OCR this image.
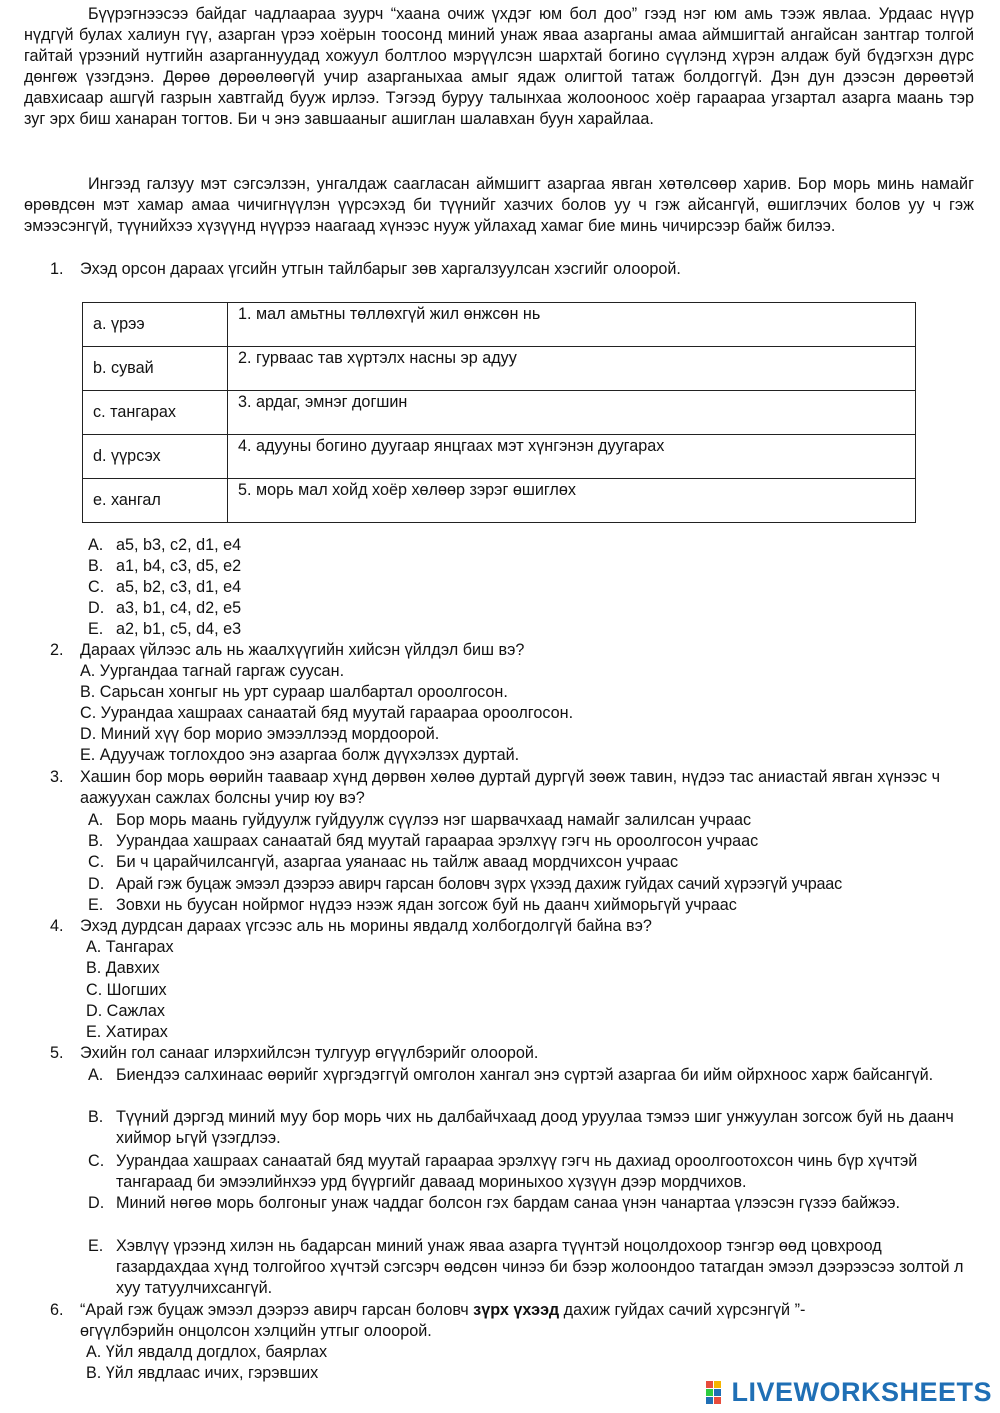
Бүүрэгнээсээ байдаг чадлаараа зуурч “хаана очиж үхдэг юм бол доо” гээд нэг юм амь тээж явлаа. Урдаас нүүр нүдгүй булах халиун гүү, азарган үрээ хоёрын тоосонд миний унаж яваа азарганы амаа аймшигтай ангайсан зантгар толгой гайтай үрээний нутгийн азарганнуудад хожуул болтлоо мэрүүлсэн шархтай богино сүүлэнд хүрэн алдаж буй бүдэгхэн дүрс дөнгөж үзэгдэнэ. Дөрөө дөрөөлөөгүй учир азарганыхаа амыг ядаж олигтой татаж болдоггүй. Дэн дун дээсэн дөрөөтэй давхисаар ашгүй газрын хавтгайд бууж ирлээ. Тэгээд буруу талынхаа жолооноос хоёр гараараа угзартал азарга маань тэр зуг эрх биш ханаран тогтов. Би ч энэ завшааныг ашиглан шалавхан буун харайлаа.

Ингээд галзуу мэт сэгсэлзэн, унгалдаж саагласан аймшигт азаргаа явган хөтөлсөөр харив. Бор морь минь намайг өрөвдсөн мэт хамар амаа чичигнүүлэн үүрсэхэд би түүнийг хазчих болов уу ч гэж айсангүй, өшиглэчих болов уу ч гэж эмээсэнгүй, түүнийхээ хүзүүнд нүүрээ наагаад хүнээс нууж уйлахад хамаг бие минь чичирсээр байж билээ.

1. Эхэд орсон дараах үгсийн утгын тайлбарыг зөв харгалзуулсан хэсгийг олоорой.

a. үрээ	1. мал амьтны төллөхгүй жил өнжсөн нь
b. сувай	2. гурваас тав хүртэлх насны эр адуу
c. тангарах	3. ардаг, эмнэг догшин
d. үүрсэх	4. адууны богино дуугаар янцгаах мэт хүнгэнэн дуугарах
e. хангал	5. морь мал хойд хоёр хөлөөр зэрэг өшиглөх
A. a5, b3, c2, d1, e4
B. a1, b4, c3, d5, e2
C. a5, b2, c3, d1, e4
D. a3, b1, c4, d2, e5
E. a2, b1, c5, d4, e3
2. Дараах үйлээс аль нь жаалхүүгийн хийсэн үйлдэл биш вэ?

А. Уургандаа тагнай гаргаж суусан.
В. Сарьсан хонгыг нь урт сураар шалбартал ороолгосон.
С. Уурандаа хашраах санаатай бяд муутай гараараа ороолгосон.
D. Миний хүү бор морио эмээллээд мордоорой.
Е. Адуучаж тоглохдоо энэ азаргаа болж дүүхэлзэх дуртай.
3. Хашин бор морь өөрийн тааваар хүнд дөрвөн хөлөө дуртай дургүй зөөж тавин, нүдээ тас аниастай явган хүнээс ч аажуухан сажлах болсны учир юу вэ?

А. Бор морь маань гуйдуулж гуйдуулж сүүлээ нэг шарвачхаад намайг залилсан учраас
В. Уурандаа хашраах санаатай бяд муутай гараараа эрэлхүү гэгч нь ороолгосон учраас
С. Би ч царайчилсангүй, азаргаа уяанаас нь тайлж аваад мордчихсон учраас
D. Арай гэж буцаж эмээл дээрээ авирч гарсан боловч зүрх үхээд дахиж гуйдах сачий хүрээгүй учраас
Е. Зовхи нь буусан нойрмог нүдээ нээж ядан зогсож буй нь даанч хийморьгүй учраас
4. Эхэд дурдсан дараах үгсээс аль нь морины явдалд холбогдолгүй байна вэ?

А. Тангарах
В. Давхих
С. Шогших
D. Сажлах
Е. Хатирах
5. Эхийн гол санааг илэрхийлсэн тулгуур өгүүлбэрийг олоорой.

А. Биендээ салхинаас өөрийг хүргэдэггүй омголон хангал энэ сүртэй азаргаа би ийм ойрхноос харж байсангүй.

В. Түүний дэргэд миний муу бор морь чих нь далбайчхаад доод уруулаа тэмээ шиг унжуулан зогсож буй нь даанч хиймор ьгүй үзэгдлээ.

С. Уурандаа хашраах санаатай бяд муутай гараараа эрэлхүү гэгч нь дахиад ороолгоотохсон чинь бүр хүчтэй тангараад би эмээлийнхээ урд бүүргийг даваад мориныхоо хүзүүн дээр мордчихов.

D. Миний нөгөө морь болгоныг унаж чаддаг болсон гэх бардам санаа үнэн чанартаа үлээсэн гүзээ байжээ.

Е. Хэвлүү үрээнд хилэн нь бадарсан миний унаж яваа азарга түүнтэй ноцолдохоор тэнгэр өөд цовхроод газардахдаа хүнд толгойгоо хүчтэй сэгсэрч өөдсөн чинээ би бээр жолоондоо татагдан эмээл дээрээсээ золтой л хуу татуулчихсангүй.

6. “Арай гэж буцаж эмээл дээрээ авирч гарсан боловч зүрх үхээд дахиж гуйдах сачий хүрсэнгүй ”-

өгүүлбэрийн онцолсон хэлцийн утгыг олоорой.

А. Үйл явдалд догдлох, баярлах
В. Үйл явдлаас ичих, гэрэвших
LIVEWORKSHEETS
